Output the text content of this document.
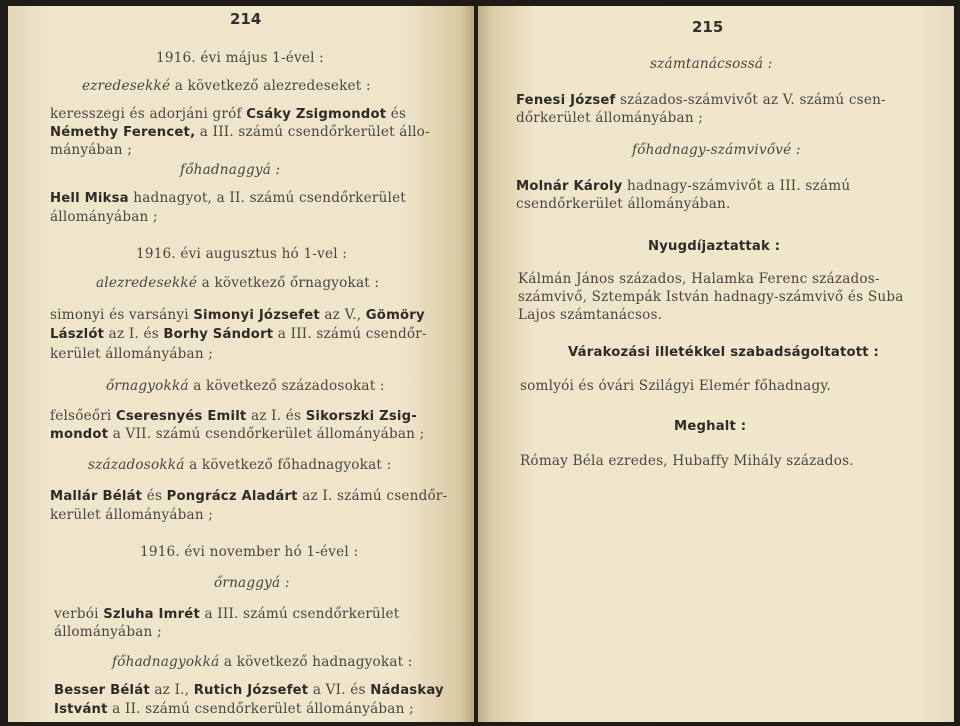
214
1916. évi május 1-ével :
ezredesekké a következő alezredeseket :
keresszegi és adorjáni gróf Csáky Zsigmondot és
Némethy Ferencet, a III. számú csendőrkerület állo-
mányában ;
főhadnaggyá :
Hell Miksa hadnagyot, a II. számú csendőrkerület
állományában ;
1916. évi augusztus hó 1-vel :
alezredesekké a következő őrnagyokat :
simonyi és varsányi Simonyi Józsefet az V., Gömöry
Lászlót az I. és Borhy Sándort a III. számú csendőr-
kerület állományában ;
őrnagyokká a következő századosokat :
felsőeőri Cseresnyés Emilt az I. és Sikorszki Zsig-
mondot a VII. számú csendőrkerület állományában ;
századosokká a következő főhadnagyokat :
Mallár Bélát és Pongrácz Aladárt az I. számú csendőr-
kerület állományában ;
1916. évi november hó 1-ével :
őrnaggyá :
verbói Szluha Imrét a III. számú csendőrkerület
állományában ;
főhadnagyokká a következő hadnagyokat :
Besser Bélát az I., Rutich Józsefet a VI. és Nádaskay
Istvánt a II. számú csendőrkerület állományában ;
215
számtanácsossá :
Fenesi József százados-számvivőt az V. számú csen-
dőrkerület állományában ;
főhadnagy-számvivővé :
Molnár Károly hadnagy-számvivőt a III. számú
csendőrkerület állományában.
Nyugdíjaztattak :
Kálmán János százados, Halamka Ferenc százados-
számvivő, Sztempák István hadnagy-számvivő és Suba
Lajos számtanácsos.
Várakozási illetékkel szabadságoltatott :
somlyói és óvári Szilágyi Elemér főhadnagy.
Meghalt :
Rómay Béla ezredes, Hubaffy Mihály százados.
